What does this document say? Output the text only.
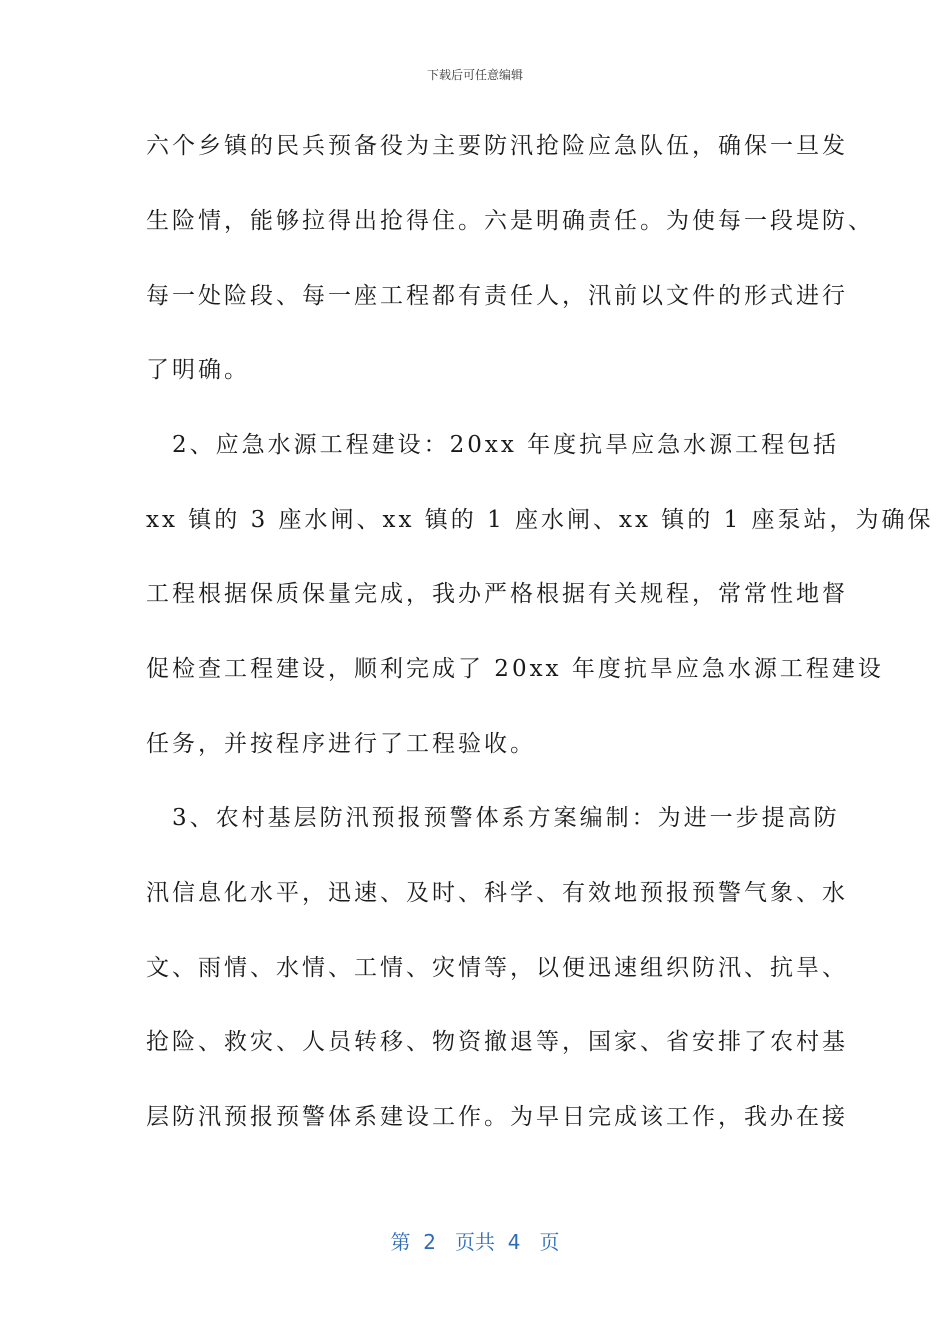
下载后可任意编辑
六个乡镇的民兵预备役为主要防汛抢险应急队伍，确保一旦发
生险情，能够拉得出抢得住。六是明确责任。为使每一段堤防、
每一处险段、每一座工程都有责任人，汛前以文件的形式进行
了明确。
　2、应急水源工程建设：20xx 年度抗旱应急水源工程包括
xx 镇的 3 座水闸、xx 镇的 1 座水闸、xx 镇的 1 座泵站，为确保
工程根据保质保量完成，我办严格根据有关规程，常常性地督
促检查工程建设，顺利完成了 20xx 年度抗旱应急水源工程建设
任务，并按程序进行了工程验收。
　3、农村基层防汛预报预警体系方案编制：为进一步提高防
汛信息化水平，迅速、及时、科学、有效地预报预警气象、水
文、雨情、水情、工情、灾情等，以便迅速组织防汛、抗旱、
抢险、救灾、人员转移、物资撤退等，国家、省安排了农村基
层防汛预报预警体系建设工作。为早日完成该工作，我办在接
第  2   页共  4   页
